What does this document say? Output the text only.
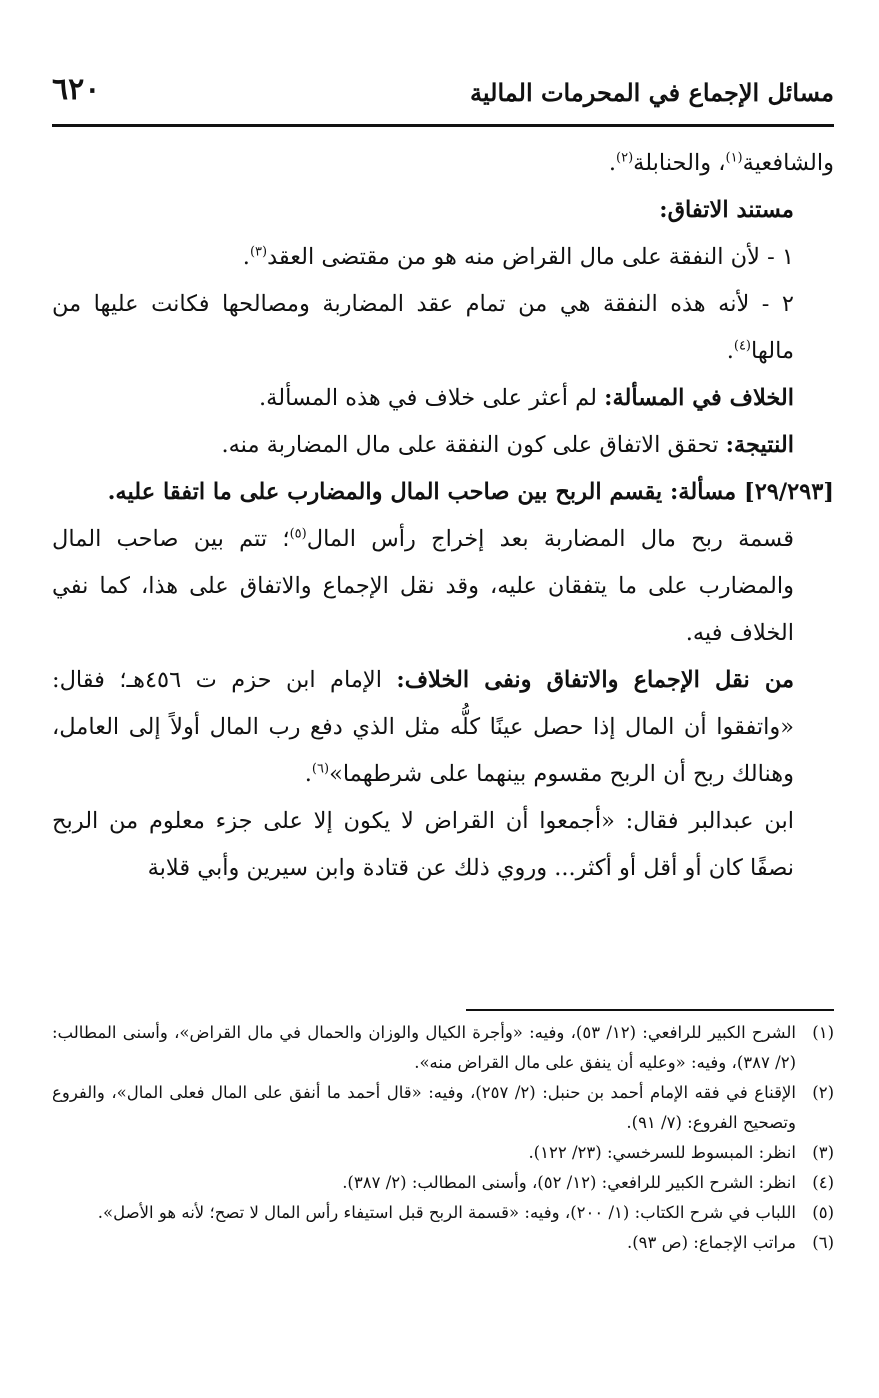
مسائل الإجماع في المحرمات المالية
٦٢٠

والشافعية$^{(١)}$، والحنابلة$^{(٢)}$.

مستند الاتفاق:

١ - لأن النفقة على مال القراض منه هو من مقتضى العقد$^{(٣)}$.

٢ - لأنه هذه النفقة هي من تمام عقد المضاربة ومصالحها فكانت عليها من مالها$^{(٤)}$.

الخلاف في المسألة: لم أعثر على خلاف في هذه المسألة.

النتيجة: تحقق الاتفاق على كون النفقة على مال المضاربة منه.

[٢٩/٢٩٣] مسألة: يقسم الربح بين صاحب المال والمضارب على ما اتفقا عليه.

قسمة ربح مال المضاربة بعد إخراج رأس المال$^{(٥)}$؛ تتم بين صاحب المال والمضارب على ما يتفقان عليه، وقد نقل الإجماع والاتفاق على هذا، كما نفي الخلاف فيه.

من نقل الإجماع والاتفاق ونفى الخلاف: الإمام ابن حزم ت ٤٥٦هـ؛ فقال: «واتفقوا أن المال إذا حصل عينًا كلُّه مثل الذي دفع رب المال أولاً إلى العامل، وهنالك ربح أن الربح مقسوم بينهما على شرطهما»$^{(٦)}$.

ابن عبدالبر فقال: «أجمعوا أن القراض لا يكون إلا على جزء معلوم من الربح نصفًا كان أو أقل أو أكثر... وروي ذلك عن قتادة وابن سيرين وأبي قلابة

(١)
الشرح الكبير للرافعي: (١٢/ ٥٣)، وفيه: «وأجرة الكيال والوزان والحمال في مال القراض»، وأسنى المطالب: (٢/ ٣٨٧)، وفيه: «وعليه أن ينفق على مال القراض منه».
(٢)
الإقناع في فقه الإمام أحمد بن حنبل: (٢/ ٢٥٧)، وفيه: «قال أحمد ما أنفق على المال فعلى المال»، والفروع وتصحيح الفروع: (٧/ ٩١).
(٣)
انظر: المبسوط للسرخسي: (٢٣/ ١٢٢).
(٤)
انظر: الشرح الكبير للرافعي: (١٢/ ٥٢)، وأسنى المطالب: (٢/ ٣٨٧).
(٥)
اللباب في شرح الكتاب: (١/ ٢٠٠)، وفيه: «قسمة الربح قبل استيفاء رأس المال لا تصح؛ لأنه هو الأصل».
(٦)
مراتب الإجماع: (ص ٩٣).
